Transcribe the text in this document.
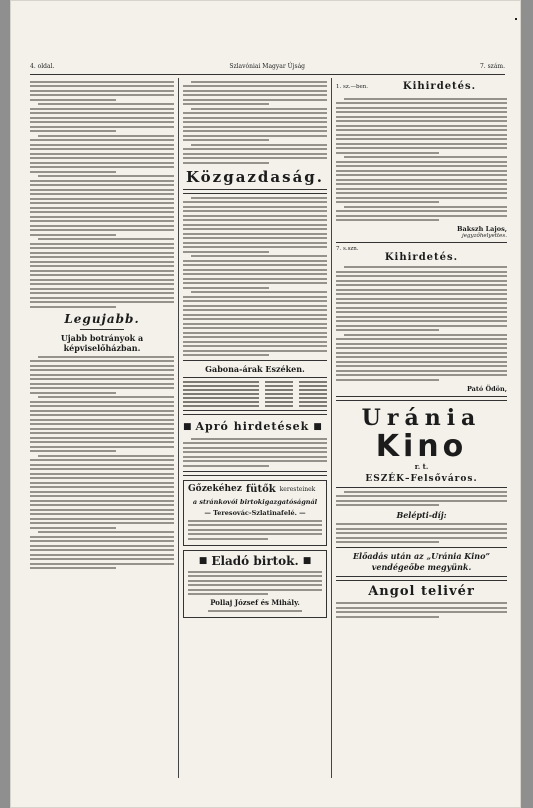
4. oldal.	Szlavóniai Magyar Újság	7. szám.
Legujabb.
Ujabb botrányok a képviselőházban.
Közgazdaság.
Gabona-árak Eszéken.
■ Apró hirdetések ■
Gőzekéhez fütők keresteinek
a stránkovói birtokigazgatóságnál
— Teresovác-Szlatinafelé. —
■ Eladó birtok. ■
Pollaj József és Mihály.
1. sz.—ben.	Kihirdetés.
Bakszh Lajos,
jegyzőhelyettes.
7. s.szn.
Kihirdetés.
Pató Ödön,
Uránia
Kino
r. t.
ESZÉK–Felsőváros.
Belépti-díj:
Előadás után az „Uránia Kino” vendégeőbe megyünk.
Angol telivér
